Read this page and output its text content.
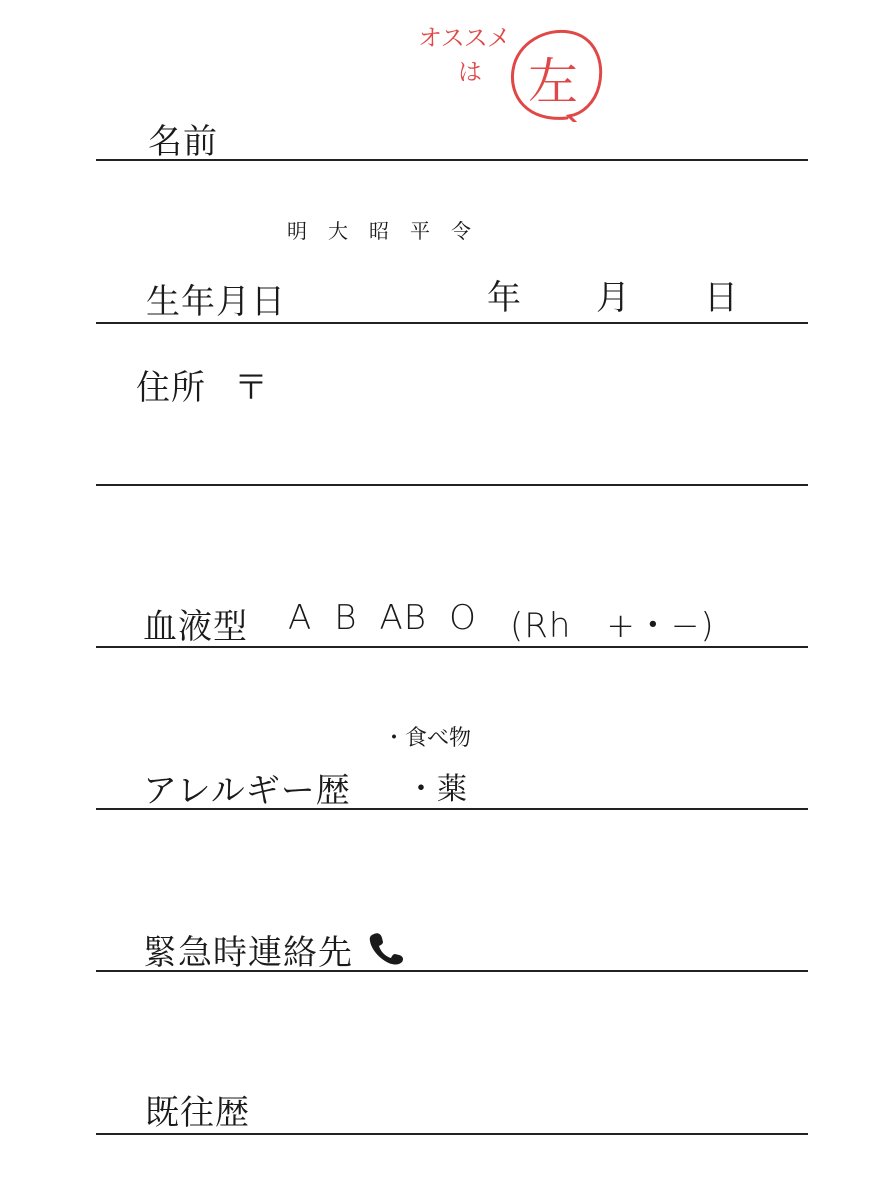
オススメ
は 左
名前
明 大 昭 平 令
生年月日	年 月 日
住所 〒
血液型 A B AB O (Rh　+・−)
・食べ物
アレルギー歴 ・薬
緊急時連絡先
既往歴
